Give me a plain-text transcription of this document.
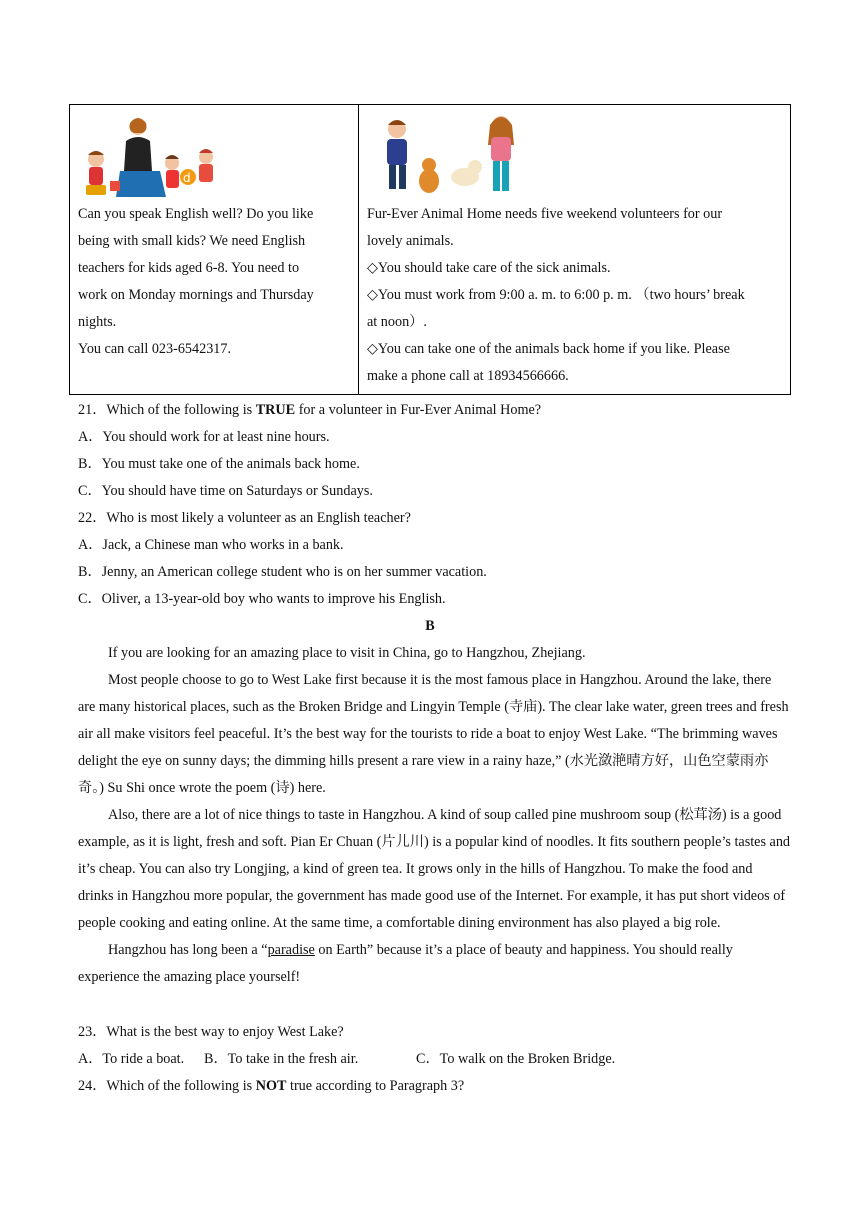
d

Can you speak English well? Do you like

being with small kids? We need English

teachers for kids aged 6-8. You need to

work on Monday mornings and Thursday

nights.

You can call 023-6542317.

Fur-Ever Animal Home needs five weekend volunteers for our

lovely animals.

◇You should take care of the sick animals.

◇You must work from 9:00 a. m. to 6:00 p. m. （two hours’ break

at noon）.

◇You can take one of the animals back home if you like. Please

make a phone call at 18934566666.

21．Which of the following is TRUE for a volunteer in Fur-Ever Animal Home?

A．You should work for at least nine hours.

B．You must take one of the animals back home.

C．You should have time on Saturdays or Sundays.

22．Who is most likely a volunteer as an English teacher?

A．Jack, a Chinese man who works in a bank.

B．Jenny, an American college student who is on her summer vacation.

C．Oliver, a 13-year-old boy who wants to improve his English.

B

If you are looking for an amazing place to visit in China, go to Hangzhou, Zhejiang.

Most people choose to go to West Lake first because it is the most famous place in Hangzhou. Around the lake, there are many historical places, such as the Broken Bridge and Lingyin Temple (寺庙). The clear lake water, green trees and fresh air all make visitors feel peaceful. It’s the best way for the tourists to ride a boat to enjoy West Lake. “The brimming waves delight the eye on sunny days; the dimming hills present a rare view in a rainy haze,” (水光潋滟晴方好，山色空蒙雨亦奇。) Su Shi once wrote the poem (诗) here.

Also, there are a lot of nice things to taste in Hangzhou. A kind of soup called pine mushroom soup (松茸汤) is a good example, as it is light, fresh and soft. Pian Er Chuan (片儿川) is a popular kind of noodles. It fits southern people’s tastes and it’s cheap. You can also try Longjing, a kind of green tea. It grows only in the hills of Hangzhou. To make the food and drinks in Hangzhou more popular, the government has made good use of the Internet. For example, it has put short videos of people cooking and eating online. At the same time, a comfortable dining environment has also played a big role.

Hangzhou has long been a “paradise on Earth” because it’s a place of beauty and happiness. You should really experience the amazing place yourself!

23．What is the best way to enjoy West Lake?

A．To ride a boat.	B．To take in the fresh air.	C．To walk on the Broken Bridge.

24．Which of the following is NOT true according to Paragraph 3?
